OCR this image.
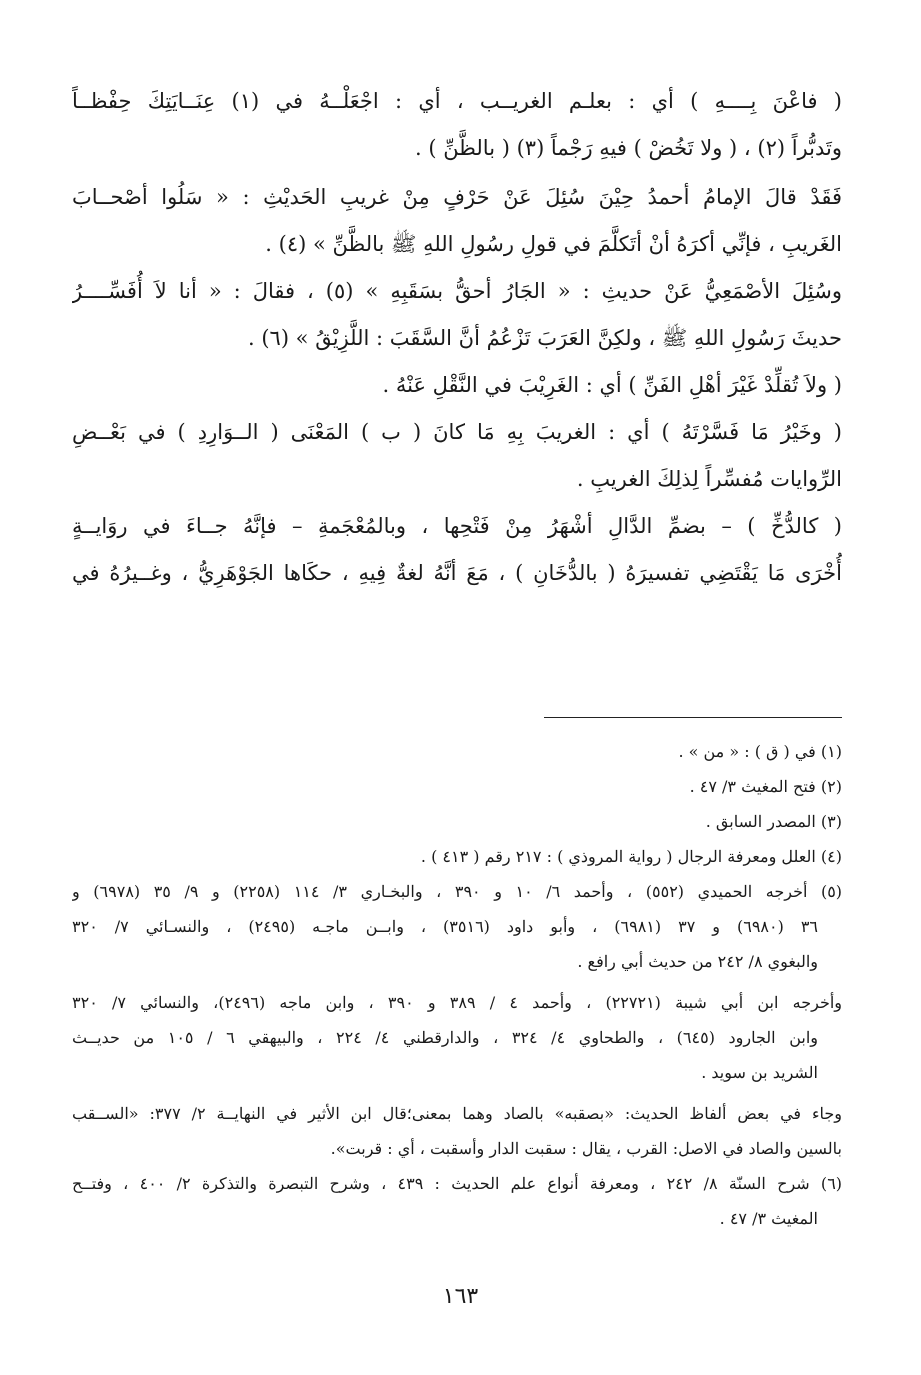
( فاعْنَ بِــــهِ ) أي : بعلـم الغريــب ، أي : اجْعَلْــهُ في (١) عِنَــايَتِكَ حِفْظــاً
وتَدبُّراً (٢) ، ( ولا تَخُضْ ) فيهِ رَجْماً (٣) ( بالظَّنِّ ) .
فَقَدْ قالَ الإمامُ أحمدُ حِيْنَ سُئِلَ عَنْ حَرْفٍ مِنْ غريبِ الحَديْثِ : « سَلُوا أصْحــابَ
الغَريبِ ، فإنِّي أكرَهُ أنْ أتَكلَّمَ في قولِ رسُولِ اللهِ ﷺ بالظَّنِّ » (٤) .
وسُئِلَ الأصْمَعِيُّ عَنْ حديثِ : « الجَارُ أحقُّ بسَقَبِهِ » (٥) ، فقالَ : « أنا لاَ أُفَسِّــــرُ
حديثَ رَسُولِ اللهِ ﷺ ، ولكِنَّ العَرَبَ تَزْعُمُ أنَّ السَّقَبَ : اللَّزِيْقُ » (٦) .
( ولاَ تُقلِّدْ غَيْرَ أهْلِ الفَنِّ ) أي : الغَرِيْبَ في النَّقْلِ عَنْهُ .
( وخَيْرُ مَا فَسَّرْتَهُ ) أي : الغريبَ بِهِ مَا كانَ ( ب ) المَعْنَى ( الــوَارِدِ ) في بَعْــضِ
الرِّوايات مُفسِّراً لِذلِكَ الغريبِ .
( كالدُّخِّ ) – بضمِّ الدَّالِ أشْهَرُ مِنْ فَتْحِها ، وبالمُعْجَمةِ – فإنَّهُ جــاءَ في روَايــةٍ
أُخْرَى مَا يَقْتَضِي تفسيرَهُ ( بالدُّخَانِ ) ، مَعَ أنَّهُ لغةٌ فِيهِ ، حكَاها الجَوْهَرِيُّ ، وغــيرُهُ في
(١) في ( ق ) : « من » .
(٢) فتح المغيث ٣/ ٤٧ .
(٣) المصدر السابق .
(٤) العلل ومعرفة الرجال ( رواية المروذي ) : ٢١٧ رقم ( ٤١٣ ) .
(٥) أخرجه الحميدي (٥٥٢) ، وأحمد ٦/ ١٠ و ٣٩٠ ، والبخـاري ٣/ ١١٤ (٢٢٥٨) و ٩/ ٣٥ (٦٩٧٨) و
٣٦ (٦٩٨٠) و ٣٧ (٦٩٨١) ، وأبو داود (٣٥١٦) ، وابــن ماجـه (٢٤٩٥) ، والنسـائي ٧/ ٣٢٠
والبغوي ٨/ ٢٤٢ من حديث أبي رافع .
وأخرجه ابن أبي شيبة (٢٢٧٢١) ، وأحمد ٤ / ٣٨٩ و ٣٩٠ ، وابن ماجه (٢٤٩٦)، والنسائي ٧/ ٣٢٠
وابن الجارود (٦٤٥) ، والطحاوي ٤/ ٣٢٤ ، والدارقطني ٤/ ٢٢٤ ، والبيهقي ٦ / ١٠٥ من حديــث
الشريد بن سويد .
وجاء في بعض ألفاظ الحديث: «بصقبه» بالصاد وهما بمعنى؛قال ابن الأثير في النهايــة ٢/ ٣٧٧: «الســقب
بالسين والصاد في الاصل: القرب ، يقال : سقبت الدار وأسقبت ، أي : قربت».
(٦) شرح السنّة ٨/ ٢٤٢ ، ومعرفة أنواع علم الحديث : ٤٣٩ ، وشرح التبصرة والتذكرة ٢/ ٤٠٠ ، وفتــح
المغيث ٣/ ٤٧ .
١٦٣
